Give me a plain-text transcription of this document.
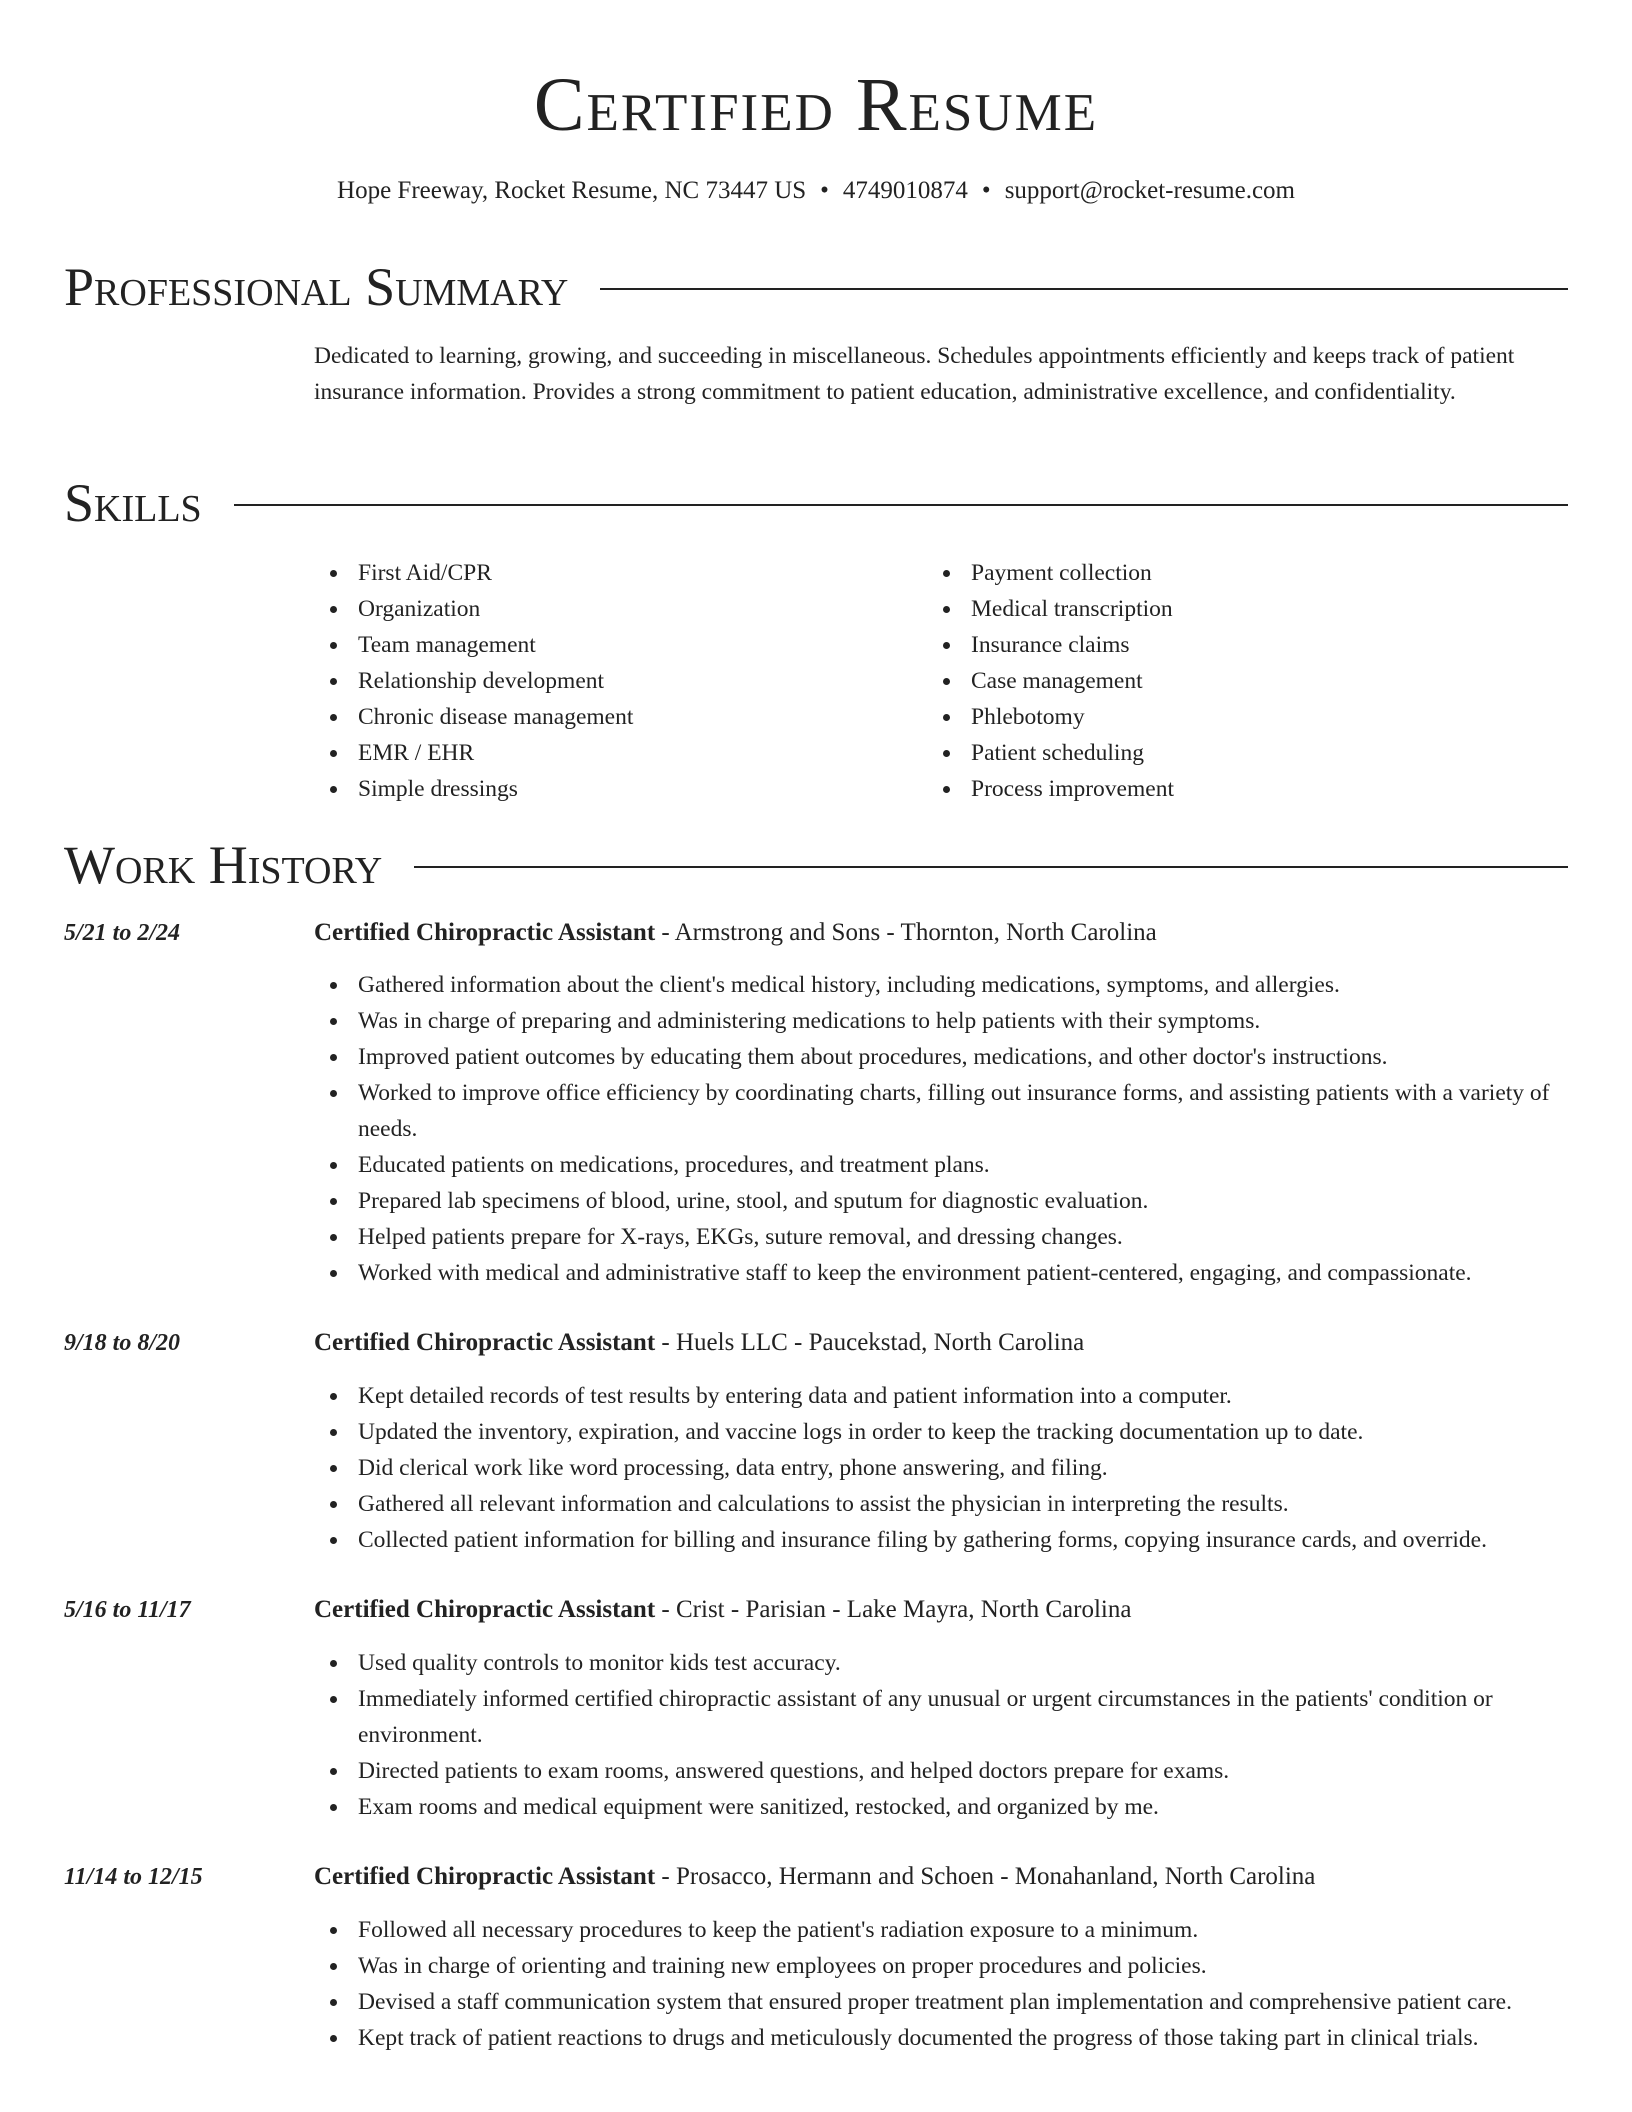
Certified Resume
Hope Freeway, Rocket Resume, NC 73447 US • 4749010874 • support@rocket-resume.com
Professional Summary
Dedicated to learning, growing, and succeeding in miscellaneous. Schedules appointments efficiently and keeps track of patient insurance information. Provides a strong commitment to patient education, administrative excellence, and confidentiality.
Skills
First Aid/CPR
Organization
Team management
Relationship development
Chronic disease management
EMR / EHR
Simple dressings
Payment collection
Medical transcription
Insurance claims
Case management
Phlebotomy
Patient scheduling
Process improvement
Work History
5/21 to 2/24	Certified Chiropractic Assistant - Armstrong and Sons - Thornton, North Carolina
Gathered information about the client's medical history, including medications, symptoms, and allergies.
Was in charge of preparing and administering medications to help patients with their symptoms.
Improved patient outcomes by educating them about procedures, medications, and other doctor's instructions.
Worked to improve office efficiency by coordinating charts, filling out insurance forms, and assisting patients with a variety of needs.
Educated patients on medications, procedures, and treatment plans.
Prepared lab specimens of blood, urine, stool, and sputum for diagnostic evaluation.
Helped patients prepare for X-rays, EKGs, suture removal, and dressing changes.
Worked with medical and administrative staff to keep the environment patient-centered, engaging, and compassionate.
9/18 to 8/20	Certified Chiropractic Assistant - Huels LLC - Paucekstad, North Carolina
Kept detailed records of test results by entering data and patient information into a computer.
Updated the inventory, expiration, and vaccine logs in order to keep the tracking documentation up to date.
Did clerical work like word processing, data entry, phone answering, and filing.
Gathered all relevant information and calculations to assist the physician in interpreting the results.
Collected patient information for billing and insurance filing by gathering forms, copying insurance cards, and override.
5/16 to 11/17	Certified Chiropractic Assistant - Crist - Parisian - Lake Mayra, North Carolina
Used quality controls to monitor kids test accuracy.
Immediately informed certified chiropractic assistant of any unusual or urgent circumstances in the patients' condition or environment.
Directed patients to exam rooms, answered questions, and helped doctors prepare for exams.
Exam rooms and medical equipment were sanitized, restocked, and organized by me.
11/14 to 12/15	Certified Chiropractic Assistant - Prosacco, Hermann and Schoen - Monahanland, North Carolina
Followed all necessary procedures to keep the patient's radiation exposure to a minimum.
Was in charge of orienting and training new employees on proper procedures and policies.
Devised a staff communication system that ensured proper treatment plan implementation and comprehensive patient care.
Kept track of patient reactions to drugs and meticulously documented the progress of those taking part in clinical trials.
